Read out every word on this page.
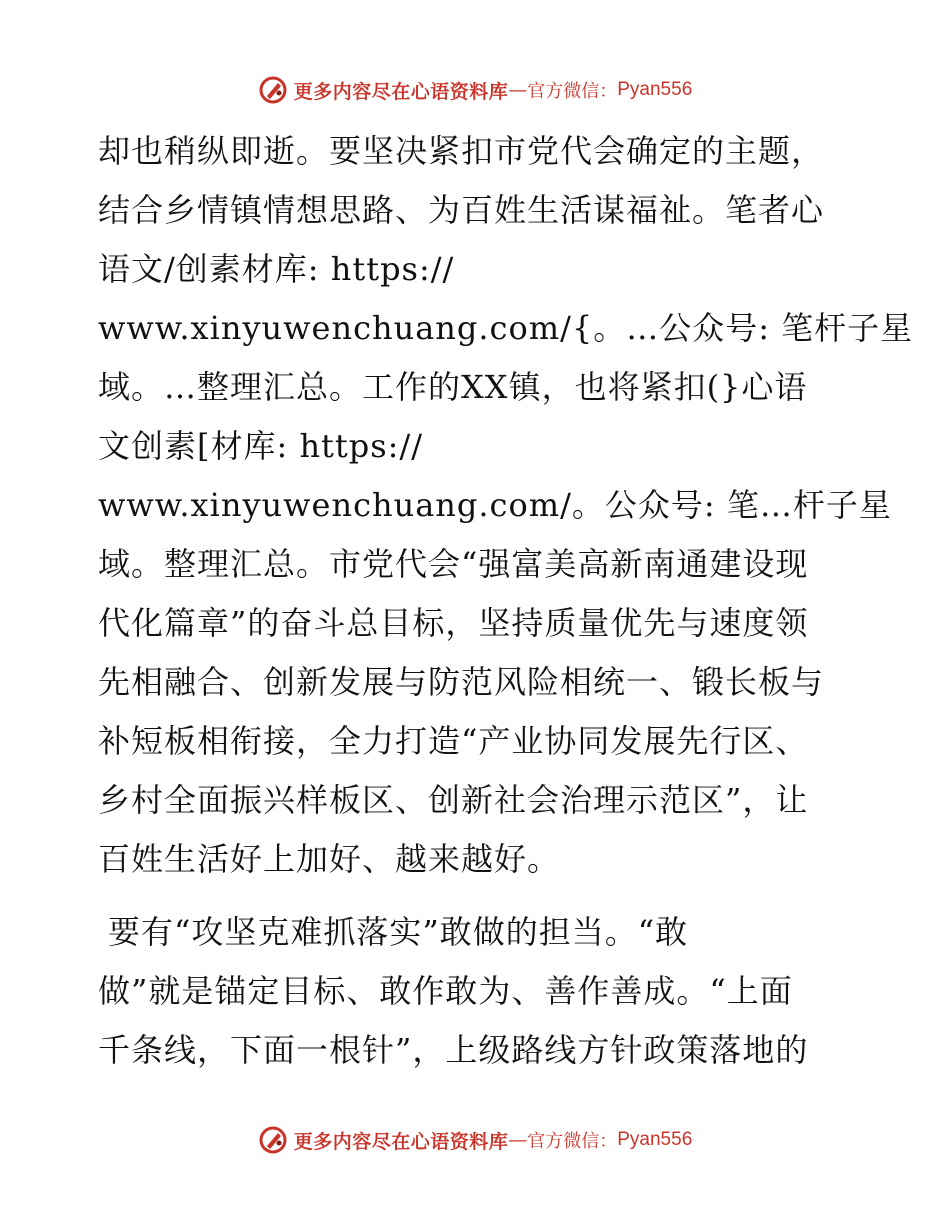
更多内容尽在心语资料库 — 官方微信： Pyan556
却也稍纵即逝。要坚决紧扣市党代会确定的主题，
结合乡情镇情想思路、为百姓生活谋福祉。笔者心
语文/创素材库: https://
www.xinyuwenchuang.com/{。…公众号: 笔杆子星
域。…整理汇总。工作的XX镇，也将紧扣(}心语
文创素[材库: https://
www.xinyuwenchuang.com/。公众号: 笔…杆子星
域。整理汇总。市党代会“强富美高新南通建设现
代化篇章”的奋斗总目标，坚持质量优先与速度领
先相融合、创新发展与防范风险相统一、锻长板与
补短板相衔接，全力打造“产业协同发展先行区、
乡村全面振兴样板区、创新社会治理示范区”，让
百姓生活好上加好、越来越好。
要有“攻坚克难抓落实”敢做的担当。“敢
做”就是锚定目标、敢作敢为、善作善成。“上面
千条线，下面一根针”，上级路线方针政策落地的
更多内容尽在心语资料库 — 官方微信： Pyan556
